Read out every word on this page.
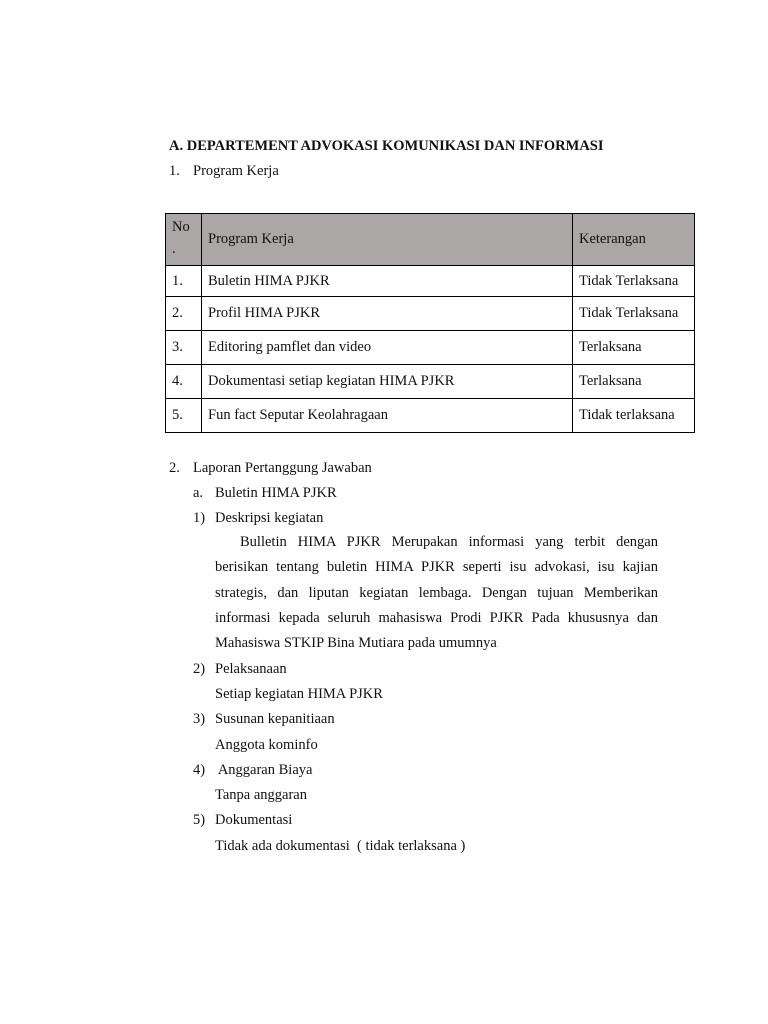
A. DEPARTEMENT ADVOKASI KOMUNIKASI DAN INFORMASI
1. Program Kerja
No
.	Program Kerja	Keterangan
1.	Buletin HIMA PJKR	Tidak Terlaksana
2.	Profil HIMA PJKR	Tidak Terlaksana
3.	Editoring pamflet dan video	Terlaksana
4.	Dokumentasi setiap kegiatan HIMA PJKR	Terlaksana
5.	Fun fact Seputar Keolahragaan	Tidak terlaksana
2. Laporan Pertanggung Jawaban
a. Buletin HIMA PJKR
1) Deskripsi kegiatan
Bulletin HIMA PJKR Merupakan informasi yang terbit dengan
berisikan tentang buletin HIMA PJKR seperti isu advokasi, isu kajian
strategis, dan liputan kegiatan lembaga. Dengan tujuan Memberikan
informasi kepada seluruh mahasiswa Prodi PJKR Pada khususnya dan
Mahasiswa STKIP Bina Mutiara pada umumnya
2) Pelaksanaan
Setiap kegiatan HIMA PJKR
3) Susunan kepanitiaan
Anggota kominfo
4) Anggaran Biaya
Tanpa anggaran
5) Dokumentasi
Tidak ada dokumentasi  ( tidak terlaksana )
